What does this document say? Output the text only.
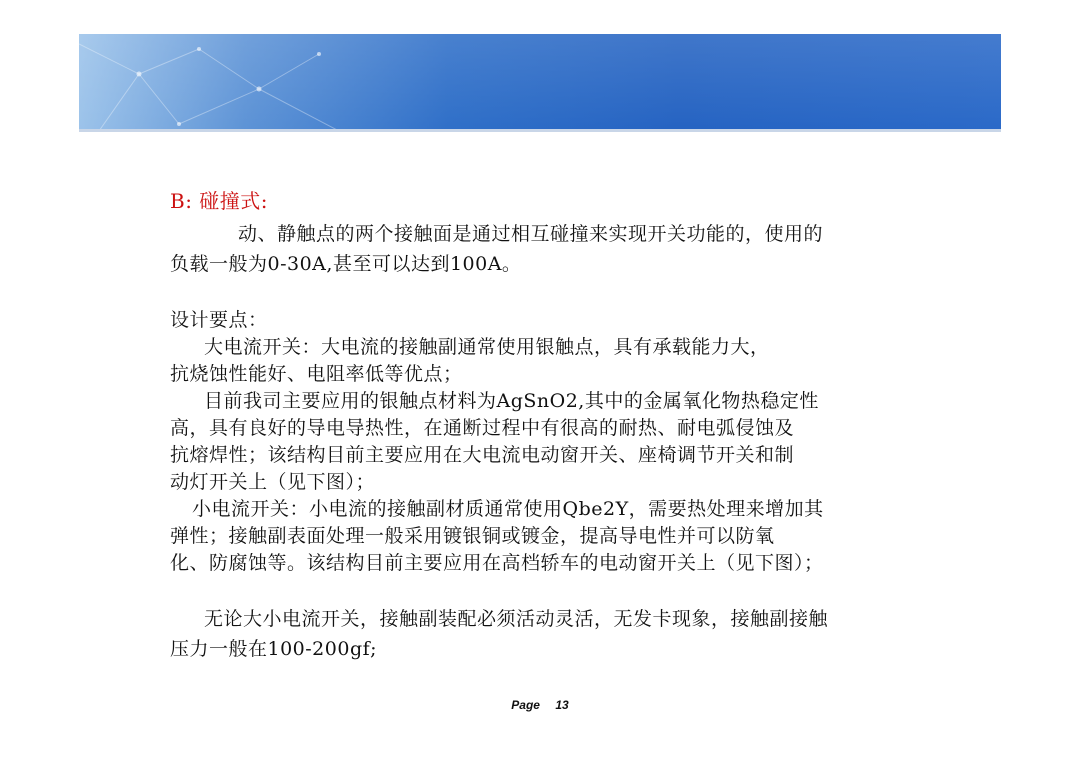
B: 碰撞式:
动、静触点的两个接触面是通过相互碰撞来实现开关功能的，使用的
负载一般为0-30A,甚至可以达到100A。
设计要点：
大电流开关：大电流的接触副通常使用银触点，具有承载能力大，
抗烧蚀性能好、电阻率低等优点；
目前我司主要应用的银触点材料为AgSnO2,其中的金属氧化物热稳定性
高，具有良好的导电导热性，在通断过程中有很高的耐热、耐电弧侵蚀及
抗熔焊性；该结构目前主要应用在大电流电动窗开关、座椅调节开关和制
动灯开关上（见下图）；
小电流开关：小电流的接触副材质通常使用Qbe2Y，需要热处理来增加其
弹性；接触副表面处理一般采用镀银铜或镀金，提高导电性并可以防氧
化、防腐蚀等。该结构目前主要应用在高档轿车的电动窗开关上（见下图）；
无论大小电流开关，接触副装配必须活动灵活，无发卡现象，接触副接触
压力一般在100-200gf;
Page 13
